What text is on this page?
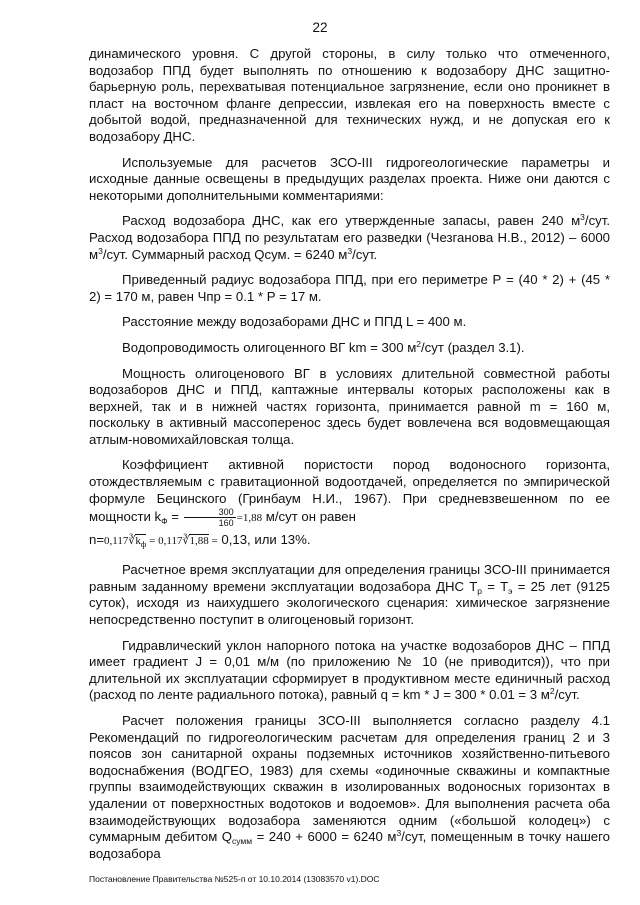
22

динамического уровня. С другой стороны, в силу только что отмеченного, водозабор ППД будет выполнять по отношению к водозабору ДНС защитно-барьерную роль, перехватывая потенциальное загрязнение, если оно проникнет в пласт на восточном фланге депрессии, извлекая его на поверхность вместе с добытой водой, предназначенной для технических нужд, и не допуская его к водозабору ДНС.

Используемые для расчетов ЗСО-III гидрогеологические параметры и исходные данные освещены в предыдущих разделах проекта. Ниже они даются с некоторыми дополнительными комментариями:

Расход водозабора ДНС, как его утвержденные запасы, равен 240 $м^3$/сут. Расход водозабора ППД по результатам его разведки (Чезганова Н.В., 2012) – 6000 $м^3$/сут. Суммарный расход Qсум. = 6240 $м^3$/сут.

Приведенный радиус водозабора ППД, при его периметре Р = (40 * 2) + (45 * 2) = 170 м, равен Чпр = 0.1 * Р = 17 м.

Расстояние между водозаборами ДНС и ППД L = 400 м.

Водопроводимость олигоценного ВГ km = 300 $м^2$/сут (раздел 3.1).

Мощность олигоценового ВГ в условиях длительной совместной работы водозаборов ДНС и ППД, каптажные интервалы которых расположены как в верхней, так и в нижней частях горизонта, принимается равной m = 160 м, поскольку в активный массоперенос здесь будет вовлечена вся водовмещающая атлым-новомихайловская толща.

Коэффициент активной пористости пород водоносного горизонта, отождествляемым с гравитационной водоотдачей, определяется по эмпирической формуле Бецинского (Гринбаум Н.И., 1967). При средневзвешенном по ее мощности $k_Ф = \frac{300}{160} =1,88$ м/сут он равен

$n=0,117∛k_ф$ = 0,117∛1,88 = 0,13, или 13%.

Расчетное время эксплуатации для определения границы ЗСО-III принимается равным заданному времени эксплуатации водозабора ДНС $Т_р = Т_э = 25$ лет (9125 суток), исходя из наихудшего экологического сценария: химическое загрязнение непосредственно поступит в олигоценовый горизонт.

Гидравлический уклон напорного потока на участке водозаборов ДНС – ППД имеет градиент J = 0,01 м/м (по приложению № 10 (не приводится)), что при длительной их эксплуатации сформирует в продуктивном месте единичный расход (расход по ленте радиального потока), равный q = km * J = 300 * 0.01 = 3 $м^2$/сут.

Расчет положения границы ЗСО-III выполняется согласно разделу 4.1 Рекомендаций по гидрогеологическим расчетам для определения границ 2 и 3 поясов зон санитарной охраны подземных источников хозяйственно-питьевого водоснабжения (ВОДГЕО, 1983) для схемы «одиночные скважины и компактные группы взаимодействующих скважин в изолированных водоносных горизонтах в удалении от поверхностных водотоков и водоемов». Для выполнения расчета оба взаимодействующих водозабора заменяются одним («большой колодец») с суммарным дебитом $Q_{сумм} = 240 + 6000 = 6240$ $м^3$/сут, помещенным в точку нашего водозабора

Постановление Правительства №525-п от 10.10.2014 (13083570 v1).DOC
